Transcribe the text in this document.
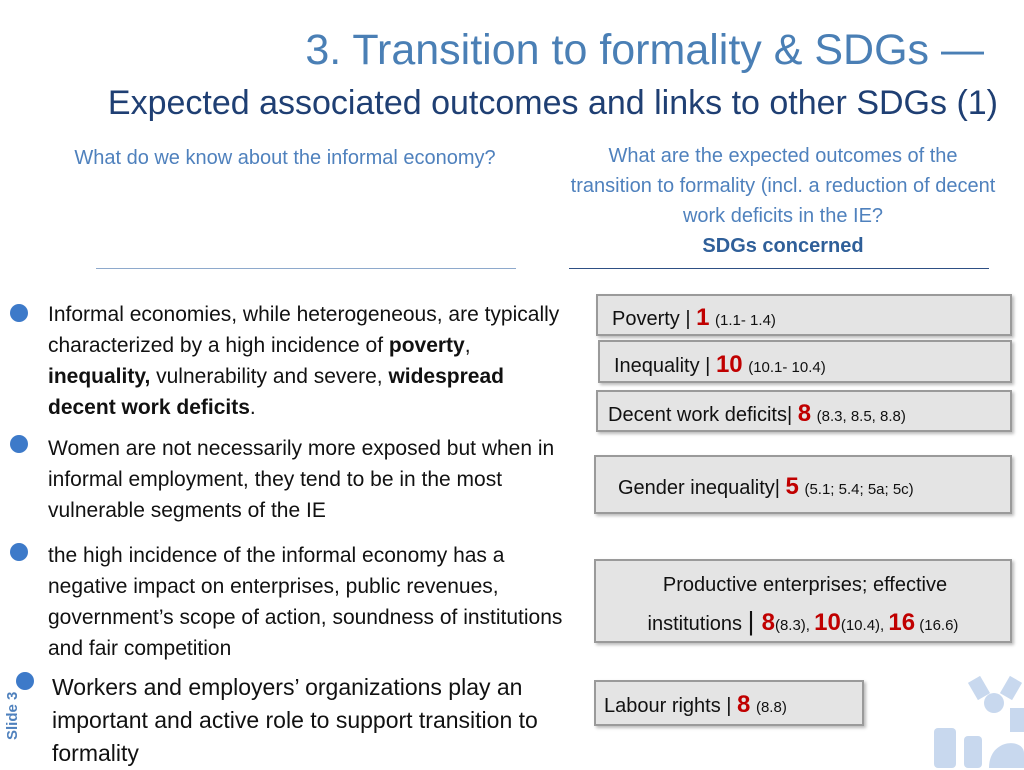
3. Transition to formality & SDGs —
Expected associated outcomes and links to other SDGs (1)
What do we know about the informal economy?	What are the expected outcomes of the transition to formality (incl. a reduction of decent work deficits in the IE?
SDGs concerned
Informal economies, while heterogeneous, are typically characterized by a high incidence of poverty, inequality, vulnerability and severe, widespread decent work deficits.
Women are not necessarily more exposed but when in informal employment, they tend to be in the most vulnerable segments of the IE
the high incidence of the informal economy has a negative impact on enterprises, public revenues, government’s scope of action, soundness of institutions and fair competition
Workers and employers’ organizations play an important and active role to support transition to formality
Poverty | 1 (1.1- 1.4)
Inequality | 10 (10.1- 10.4)
Decent work deficits| 8 (8.3, 8.5, 8.8)
Gender inequality| 5 (5.1; 5.4; 5a; 5c)
Productive enterprises; effective
institutions | 8(8.3), 10(10.4), 16 (16.6)
Labour rights | 8 (8.8)
Slide 3
